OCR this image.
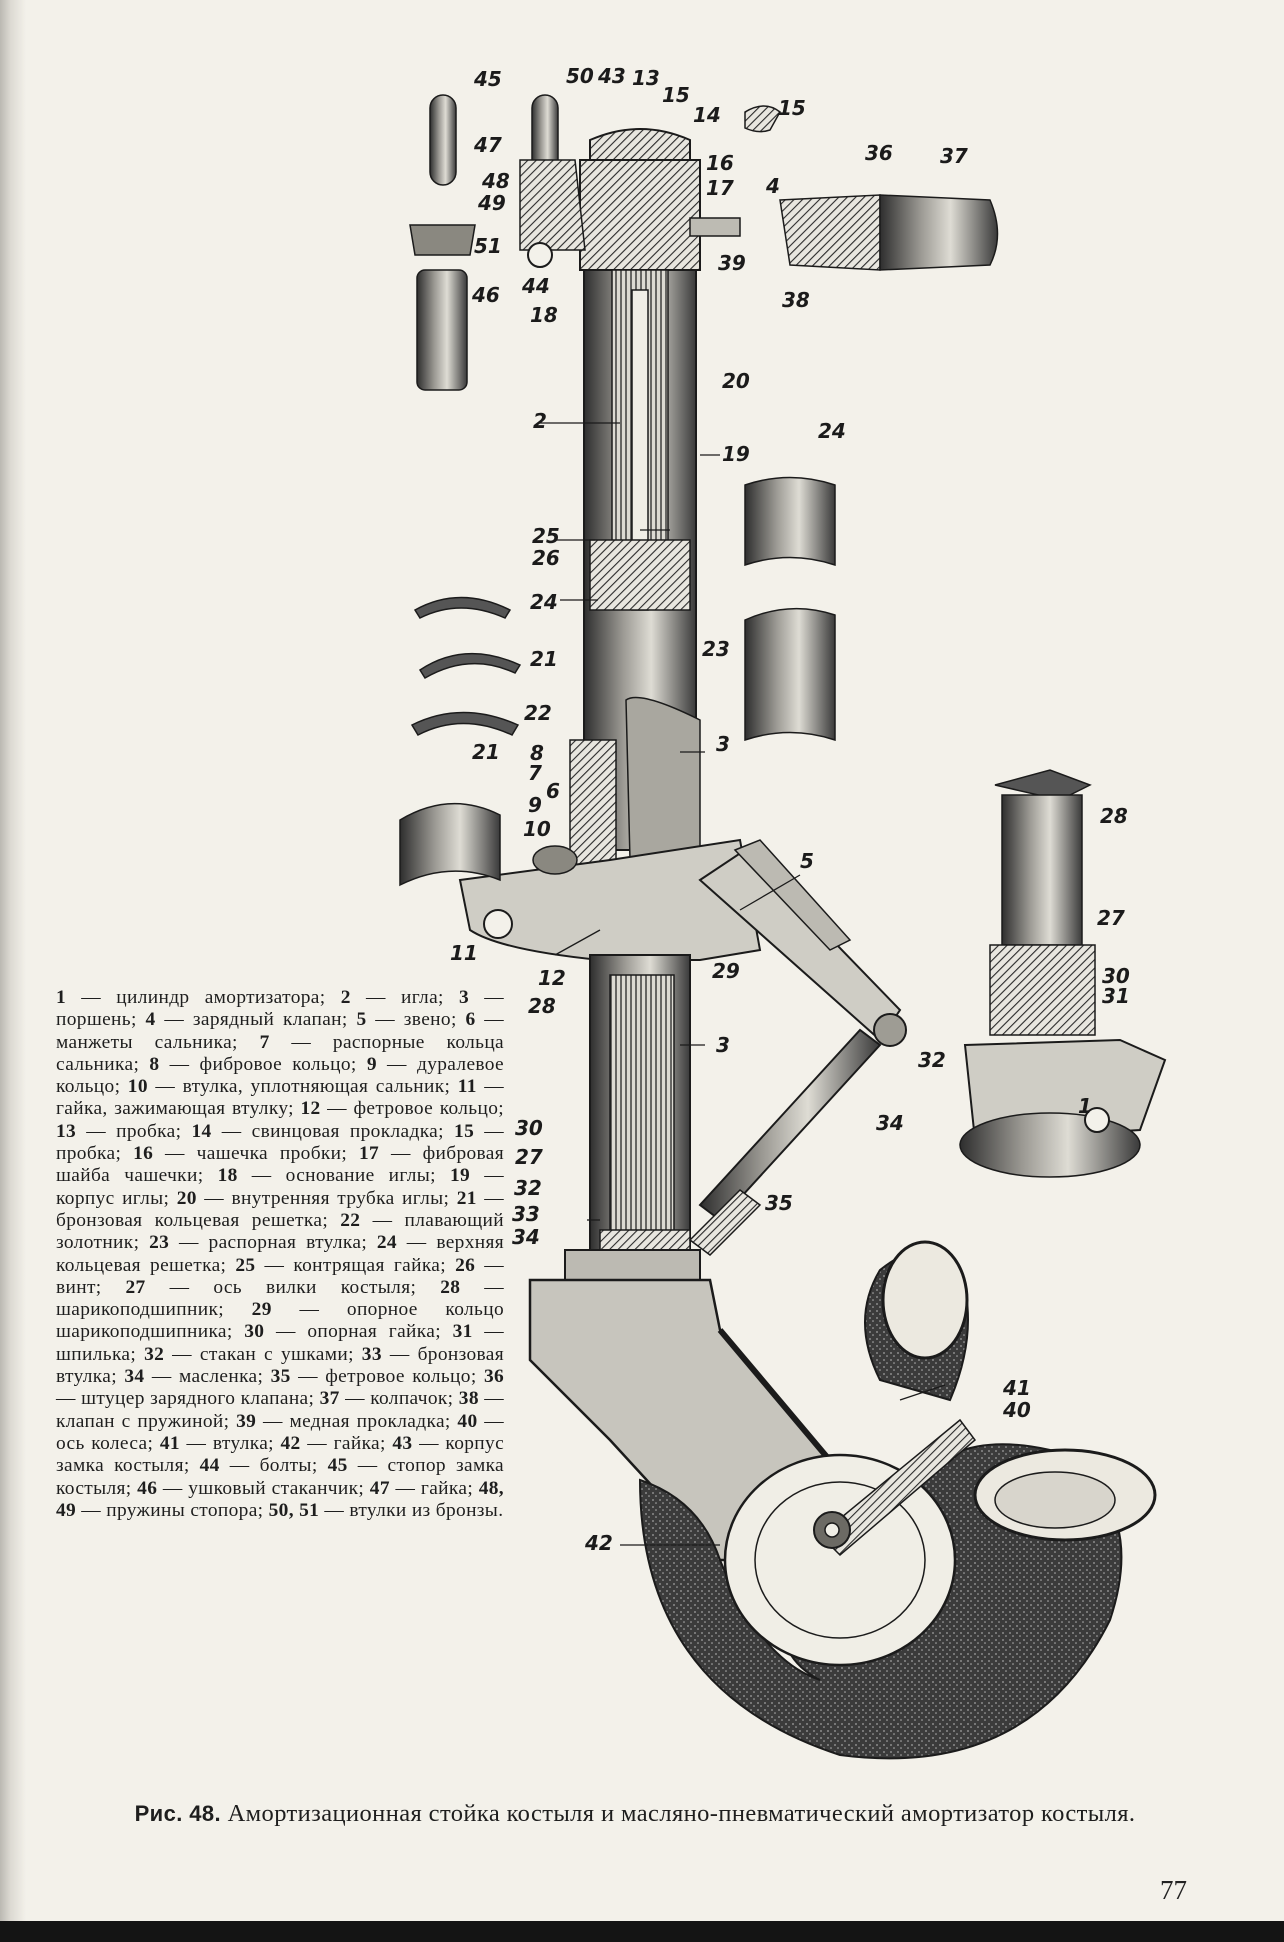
1
2
3
3
4
5
6
7
8
9
10
11
12
13
14
15
15
16
17
18
19
20
21
21
22
23
24
24
25
26
27
27
28
28
29
30
30
31
32
32
33
34
34
35
36 37
38
39
40
41
42
43
44
45
46
47
48
49
50
51
1 — цилиндр амортизатора; 2 — игла; 3 — поршень; 4 — зарядный клапан; 5 — звено; 6 — манжеты сальника; 7 — распорные кольца сальника; 8 — фибровое кольцо; 9 — дуралевое кольцо; 10 — втулка, уплотняющая сальник; 11 — гайка, зажимающая втулку; 12 — фетровое кольцо; 13 — пробка; 14 — свинцовая прокладка; 15 — пробка; 16 — чашечка пробки; 17 — фибровая шайба чашечки; 18 — основание иглы; 19 — корпус иглы; 20 — внутренняя трубка иглы; 21 — бронзовая кольцевая решетка; 22 — плавающий золотник; 23 — распорная втулка; 24 — верхняя кольцевая решетка; 25 — контрящая гайка; 26 — винт; 27 — ось вилки костыля; 28 — шарикоподшипник; 29 — опорное кольцо шарикоподшипника; 30 — опорная гайка; 31 — шпилька; 32 — стакан с ушками; 33 — бронзовая втулка; 34 — масленка; 35 — фетровое кольцо; 36 — штуцер зарядного клапана; 37 — колпачок; 38 — клапан с пружиной; 39 — медная прокладка; 40 — ось колеса; 41 — втулка; 42 — гайка; 43 — корпус замка костыля; 44 — болты; 45 — стопор замка костыля; 46 — ушковый стаканчик; 47 — гайка; 48, 49 — пружины стопора; 50, 51 — втулки из бронзы.
Рис. 48. Амортизационная стойка костыля и масляно-пневматический амортизатор костыля.
77
